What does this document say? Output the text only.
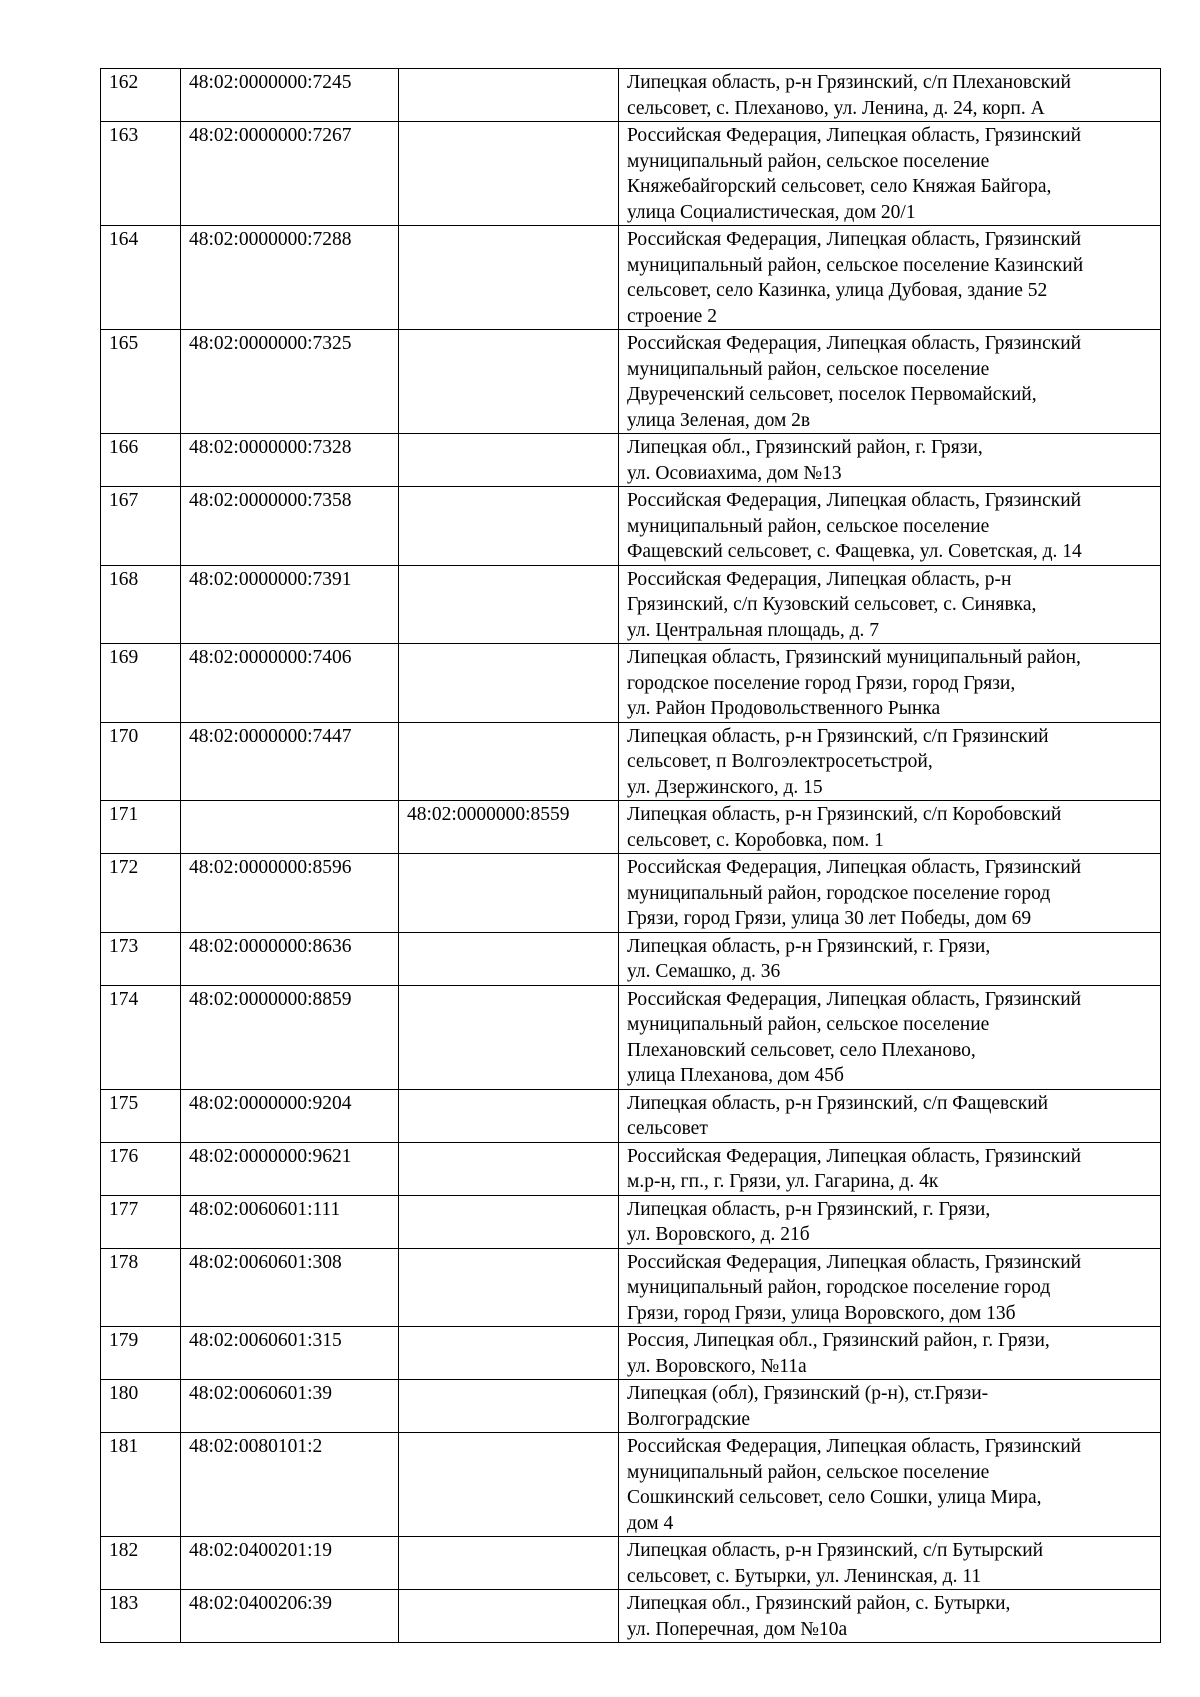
162	48:02:0000000:7245		Липецкая область, р-н Грязинский, с/п Плехановский
сельсовет, с. Плеханово, ул. Ленина, д. 24, корп. А
163	48:02:0000000:7267		Российская Федерация, Липецкая область, Грязинский
муниципальный район, сельское поселение
Княжебайгорский сельсовет, село Княжая Байгора,
улица Социалистическая, дом 20/1
164	48:02:0000000:7288		Российская Федерация, Липецкая область, Грязинский
муниципальный район, сельское поселение Казинский
сельсовет, село Казинка, улица Дубовая, здание 52
строение 2
165	48:02:0000000:7325		Российская Федерация, Липецкая область, Грязинский
муниципальный район, сельское поселение
Двуреченский сельсовет, поселок Первомайский,
улица Зеленая, дом 2в
166	48:02:0000000:7328		Липецкая обл., Грязинский район, г. Грязи,
ул. Осовиахима, дом №13
167	48:02:0000000:7358		Российская Федерация, Липецкая область, Грязинский
муниципальный район, сельское поселение
Фащевский сельсовет, с. Фащевка, ул. Советская, д. 14
168	48:02:0000000:7391		Российская Федерация, Липецкая область, р-н
Грязинский, с/п Кузовский сельсовет, с. Синявка,
ул. Центральная площадь, д. 7
169	48:02:0000000:7406		Липецкая область, Грязинский муниципальный район,
городское поселение город Грязи, город Грязи,
ул. Район Продовольственного Рынка
170	48:02:0000000:7447		Липецкая область, р-н Грязинский, с/п Грязинский
сельсовет, п Волгоэлектросетьстрой,
ул. Дзержинского, д. 15
171		48:02:0000000:8559	Липецкая область, р-н Грязинский, с/п Коробовский
сельсовет, с. Коробовка, пом. 1
172	48:02:0000000:8596		Российская Федерация, Липецкая область, Грязинский
муниципальный район, городское поселение город
Грязи, город Грязи, улица 30 лет Победы, дом 69
173	48:02:0000000:8636		Липецкая область, р-н Грязинский, г. Грязи,
ул. Семашко, д. 36
174	48:02:0000000:8859		Российская Федерация, Липецкая область, Грязинский
муниципальный район, сельское поселение
Плехановский сельсовет, село Плеханово,
улица Плеханова, дом 45б
175	48:02:0000000:9204		Липецкая область, р-н Грязинский, с/п Фащевский
сельсовет
176	48:02:0000000:9621		Российская Федерация, Липецкая область, Грязинский
м.р-н, гп., г. Грязи, ул. Гагарина, д. 4к
177	48:02:0060601:111		Липецкая область, р-н Грязинский, г. Грязи,
ул. Воровского, д. 21б
178	48:02:0060601:308		Российская Федерация, Липецкая область, Грязинский
муниципальный район, городское поселение город
Грязи, город Грязи, улица Воровского, дом 13б
179	48:02:0060601:315		Россия, Липецкая обл., Грязинский район, г. Грязи,
ул. Воровского, №11а
180	48:02:0060601:39		Липецкая (обл), Грязинский (р-н), ст.Грязи-
Волгоградские
181	48:02:0080101:2		Российская Федерация, Липецкая область, Грязинский
муниципальный район, сельское поселение
Сошкинский сельсовет, село Сошки, улица Мира,
дом 4
182	48:02:0400201:19		Липецкая область, р-н Грязинский, с/п Бутырский
сельсовет, с. Бутырки, ул. Ленинская, д. 11
183	48:02:0400206:39		Липецкая обл., Грязинский район, с. Бутырки,
ул. Поперечная, дом №10а
